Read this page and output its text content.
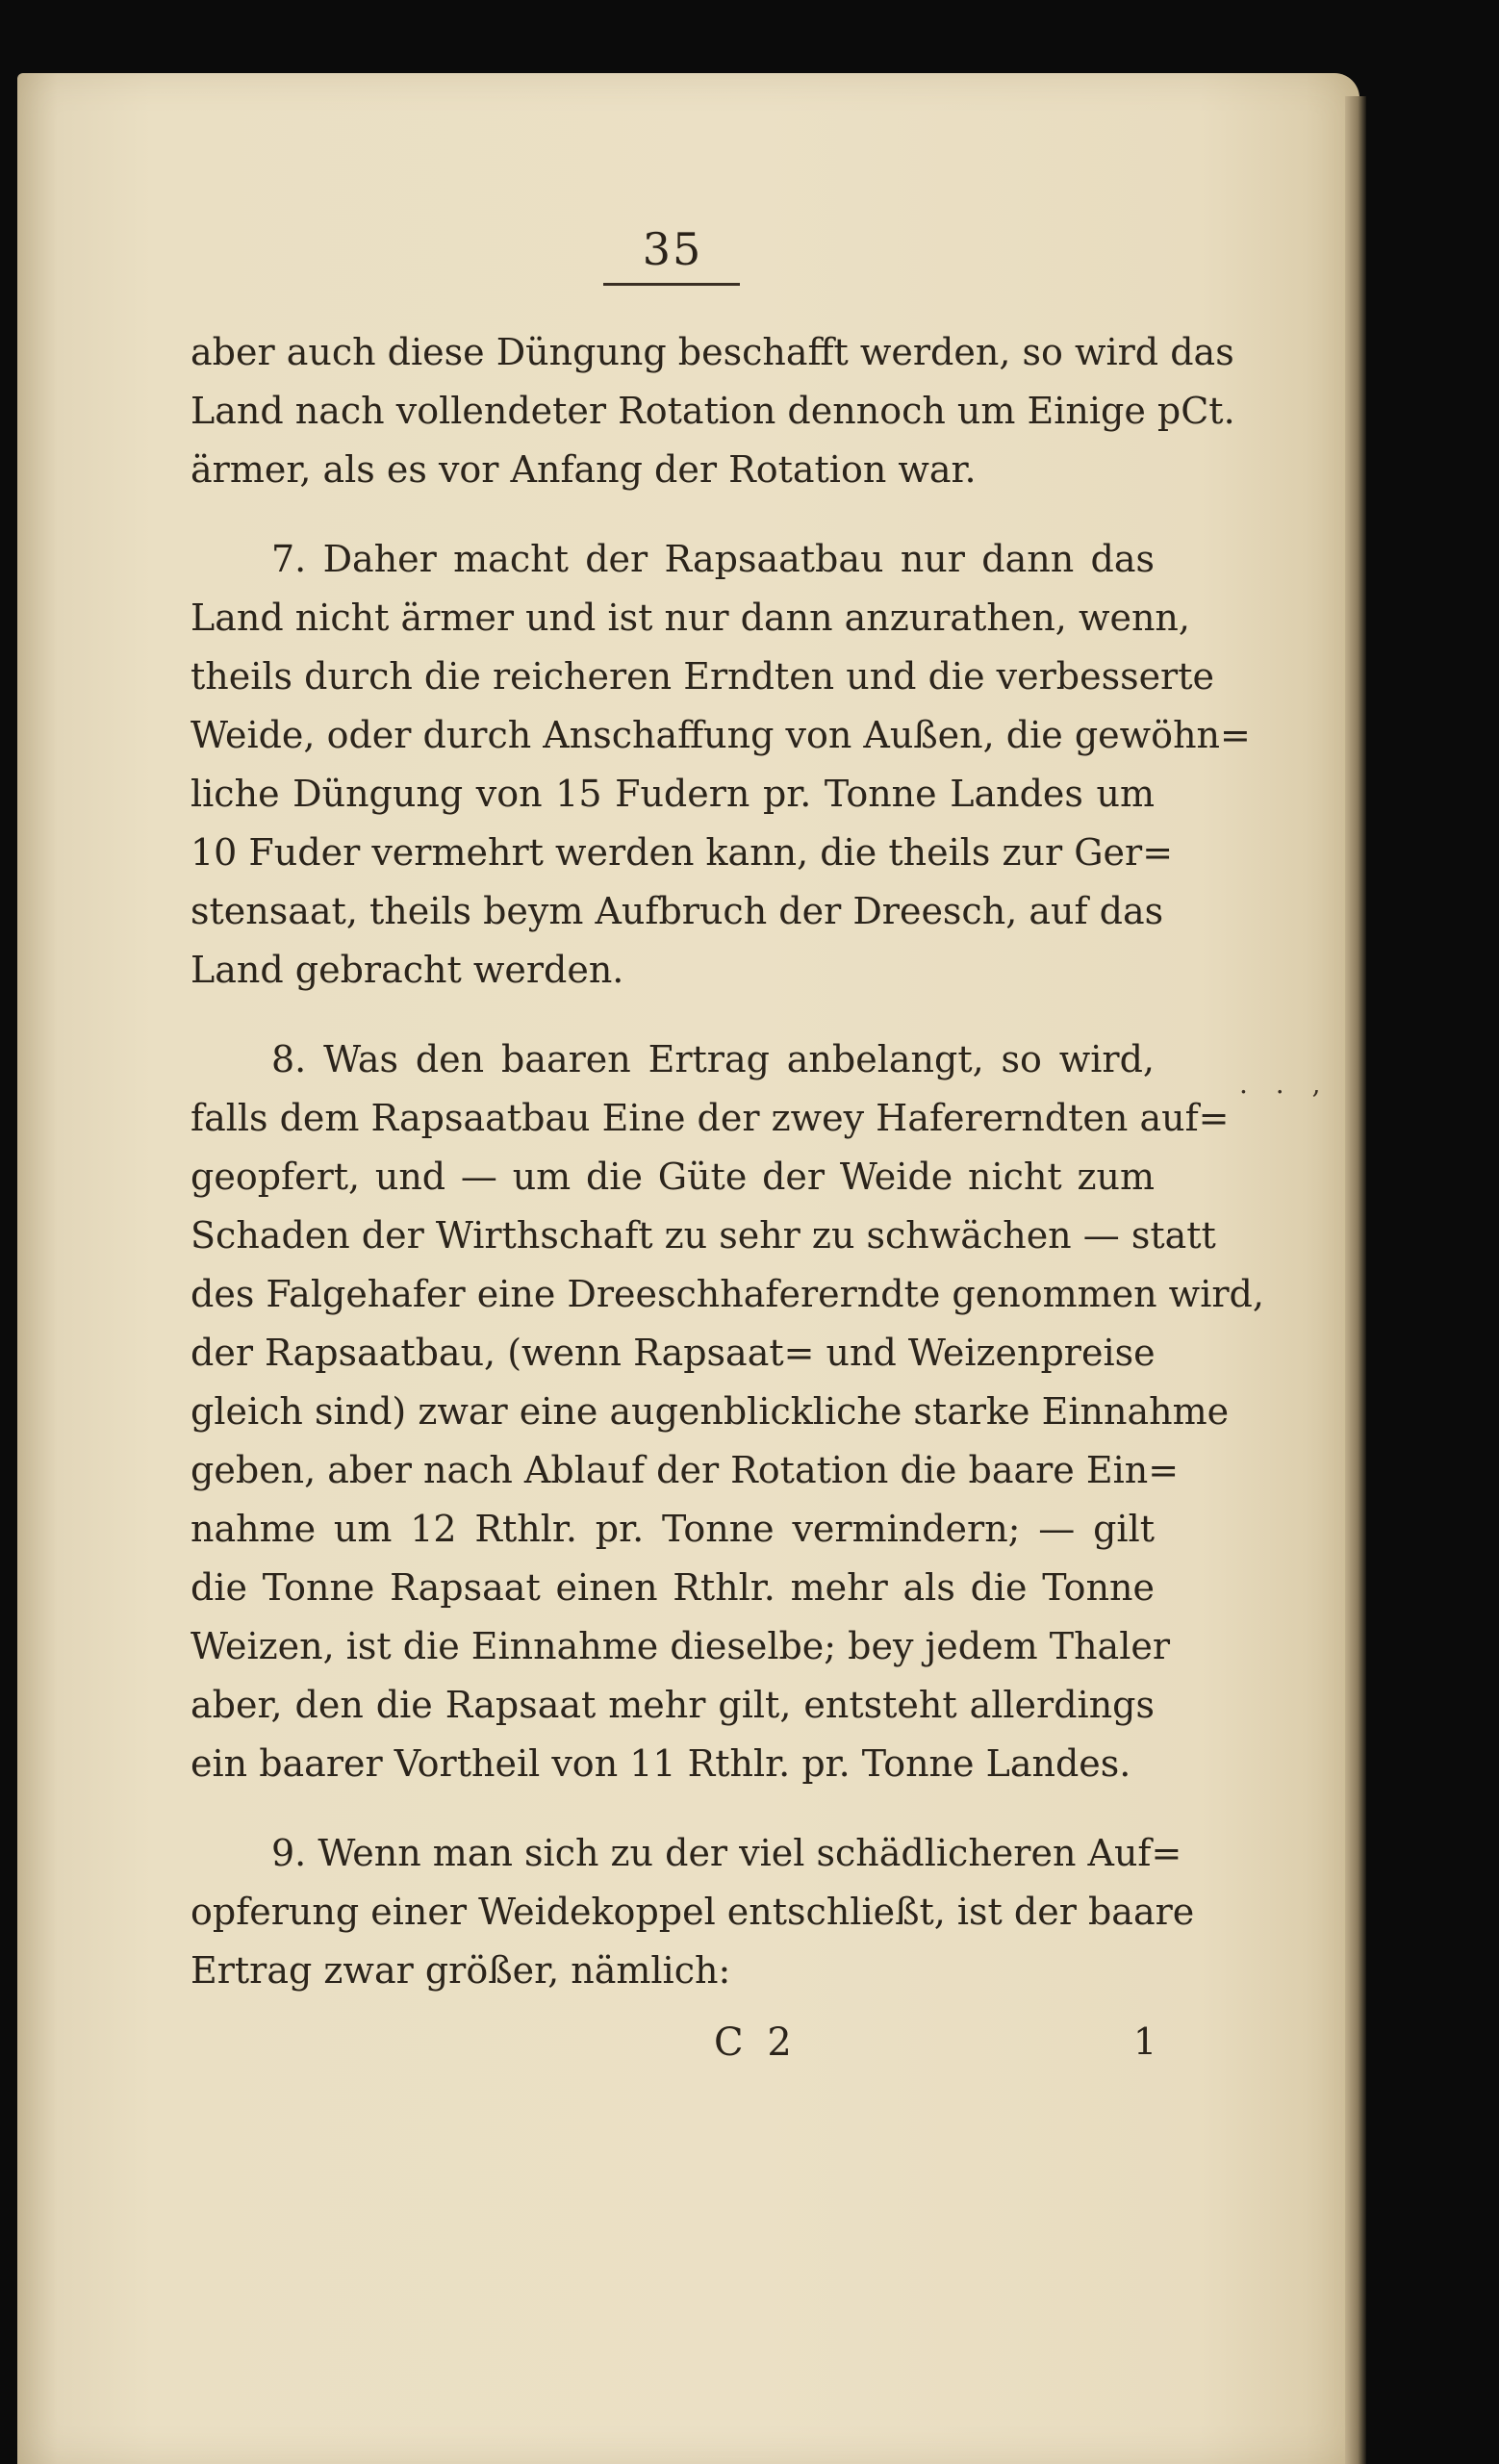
35
aber auch diese Düngung beschafft werden, so wird das
Land nach vollendeter Rotation dennoch um Einige pCt.
ärmer, als es vor Anfang der Rotation war.
7. Daher macht der Rapsaatbau nur dann das
Land nicht ärmer und ist nur dann anzurathen, wenn,
theils durch die reicheren Erndten und die verbesserte
Weide, oder durch Anschaffung von Außen, die gewöhn=
liche Düngung von 15 Fudern pr. Tonne Landes um
10 Fuder vermehrt werden kann, die theils zur Ger=
stensaat, theils beym Aufbruch der Dreesch, auf das
Land gebracht werden.
8. Was den baaren Ertrag anbelangt, so wird,
falls dem Rapsaatbau Eine der zwey Hafererndten auf=
geopfert, und — um die Güte der Weide nicht zum
Schaden der Wirthschaft zu sehr zu schwächen — statt
des Falgehafer eine Dreeschhafererndte genommen wird,
der Rapsaatbau, (wenn Rapsaat= und Weizenpreise
gleich sind) zwar eine augenblickliche starke Einnahme
geben, aber nach Ablauf der Rotation die baare Ein=
nahme um 12 Rthlr. pr. Tonne vermindern; — gilt
die Tonne Rapsaat einen Rthlr. mehr als die Tonne
Weizen, ist die Einnahme dieselbe; bey jedem Thaler
aber, den die Rapsaat mehr gilt, entsteht allerdings
ein baarer Vortheil von 11 Rthlr. pr. Tonne Landes.
9. Wenn man sich zu der viel schädlicheren Auf=
opferung einer Weidekoppel entschließt, ist der baare
Ertrag zwar größer, nämlich:
. . ,
C 2	1
